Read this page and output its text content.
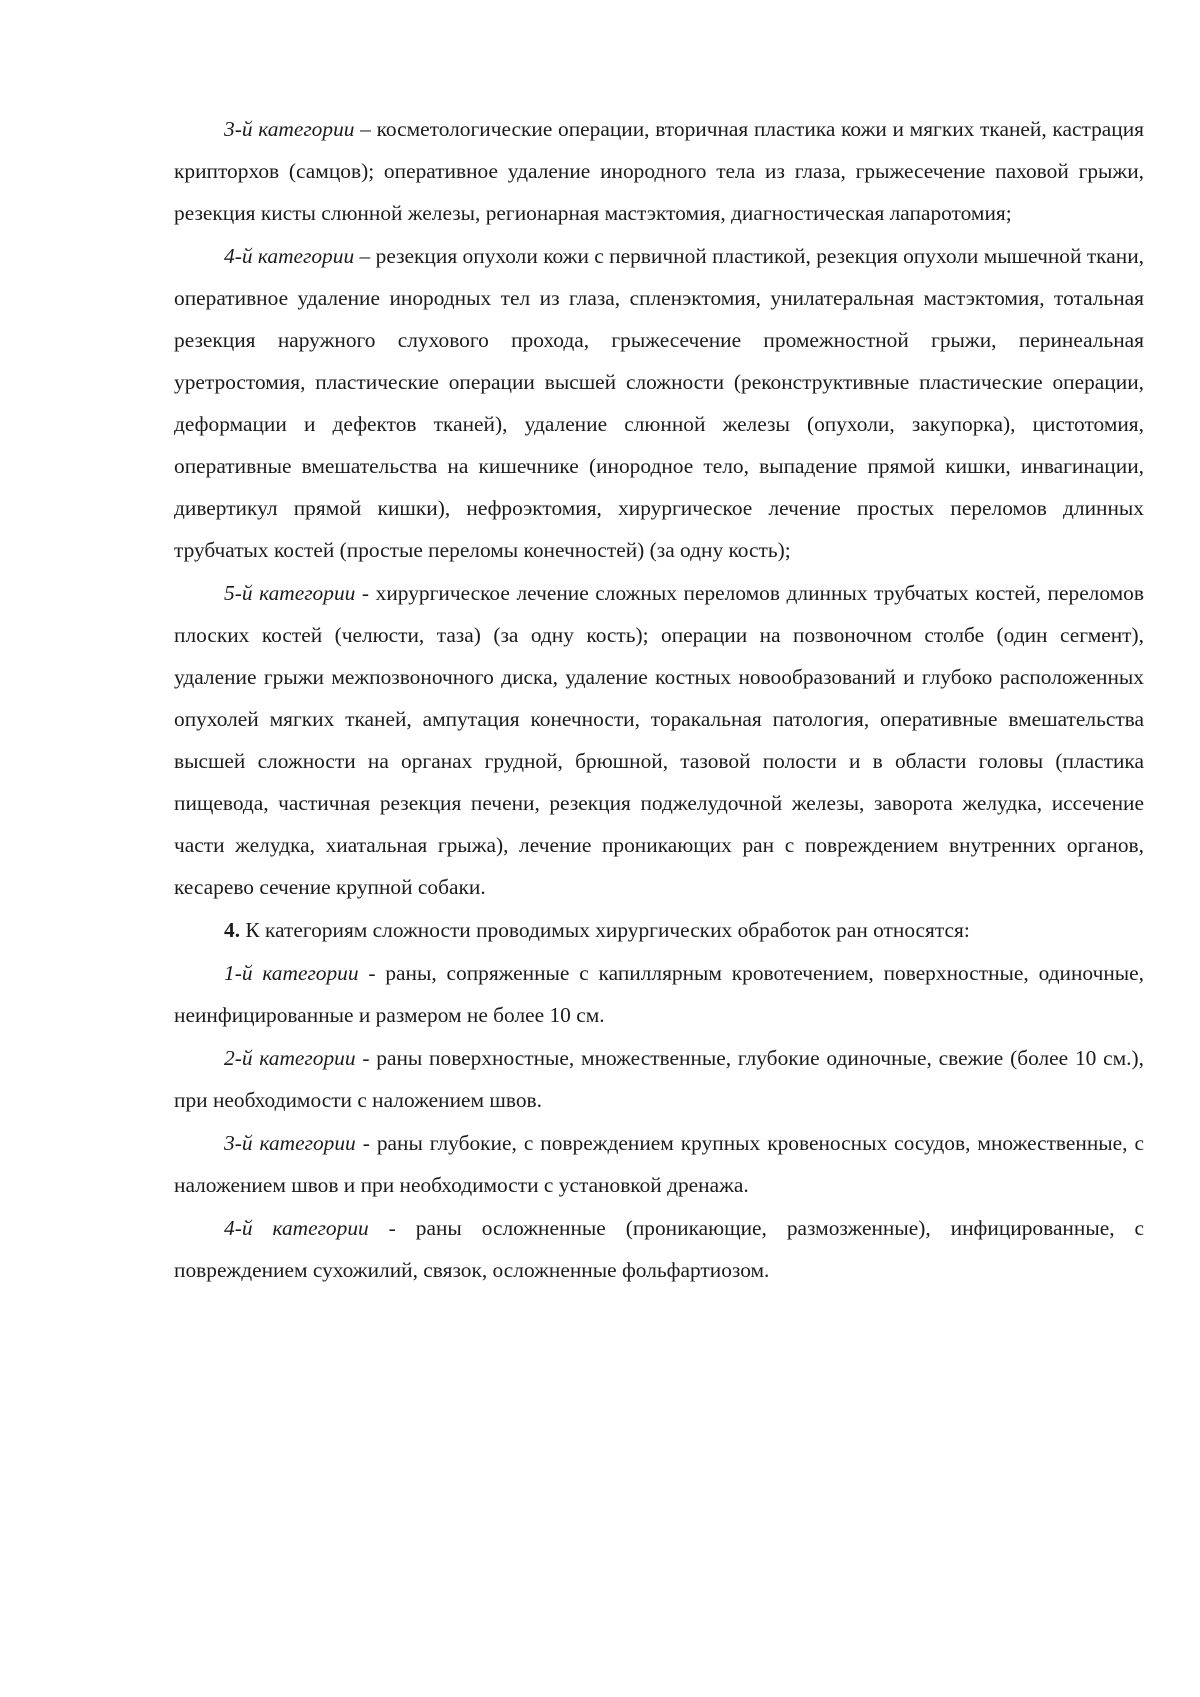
3-й категории – косметологические операции, вторичная пластика кожи и мягких тканей, кастрация крипторхов (самцов); оперативное удаление инородного тела из глаза, грыжесечение паховой грыжи, резекция кисты слюнной железы, регионарная мастэктомия, диагностическая лапаротомия;

4-й категории – резекция опухоли кожи с первичной пластикой, резекция опухоли мышечной ткани, оперативное удаление инородных тел из глаза, спленэктомия, унилатеральная мастэктомия, тотальная резекция наружного слухового прохода, грыжесечение промежностной грыжи, перинеальная уретростомия, пластические операции высшей сложности (реконструктивные пластические операции, деформации и дефектов тканей), удаление слюнной железы (опухоли, закупорка), цистотомия, оперативные вмешательства на кишечнике (инородное тело, выпадение прямой кишки, инвагинации, дивертикул прямой кишки), нефроэктомия, хирургическое лечение простых переломов длинных трубчатых костей (простые переломы конечностей) (за одну кость);

5-й категории - хирургическое лечение сложных переломов длинных трубчатых костей, переломов плоских костей (челюсти, таза) (за одну кость); операции на позвоночном столбе (один сегмент), удаление грыжи межпозвоночного диска, удаление костных новообразований и глубоко расположенных опухолей мягких тканей, ампутация конечности, торакальная патология, оперативные вмешательства высшей сложности на органах грудной, брюшной, тазовой полости и в области головы (пластика пищевода, частичная резекция печени, резекция поджелудочной железы, заворота желудка, иссечение части желудка, хиатальная грыжа), лечение проникающих ран с повреждением внутренних органов, кесарево сечение крупной собаки.

4. К категориям сложности проводимых хирургических обработок ран относятся:

1-й категории - раны, сопряженные с капиллярным кровотечением, поверхностные, одиночные, неинфицированные и размером не более 10 см.

2-й категории - раны поверхностные, множественные, глубокие одиночные, свежие (более 10 см.), при необходимости с наложением швов.

3-й категории - раны глубокие, с повреждением крупных кровеносных сосудов, множественные, с наложением швов и при необходимости с установкой дренажа.

4-й категории - раны осложненные (проникающие, размозженные), инфицированные, с повреждением сухожилий, связок, осложненные фольфартиозом.
